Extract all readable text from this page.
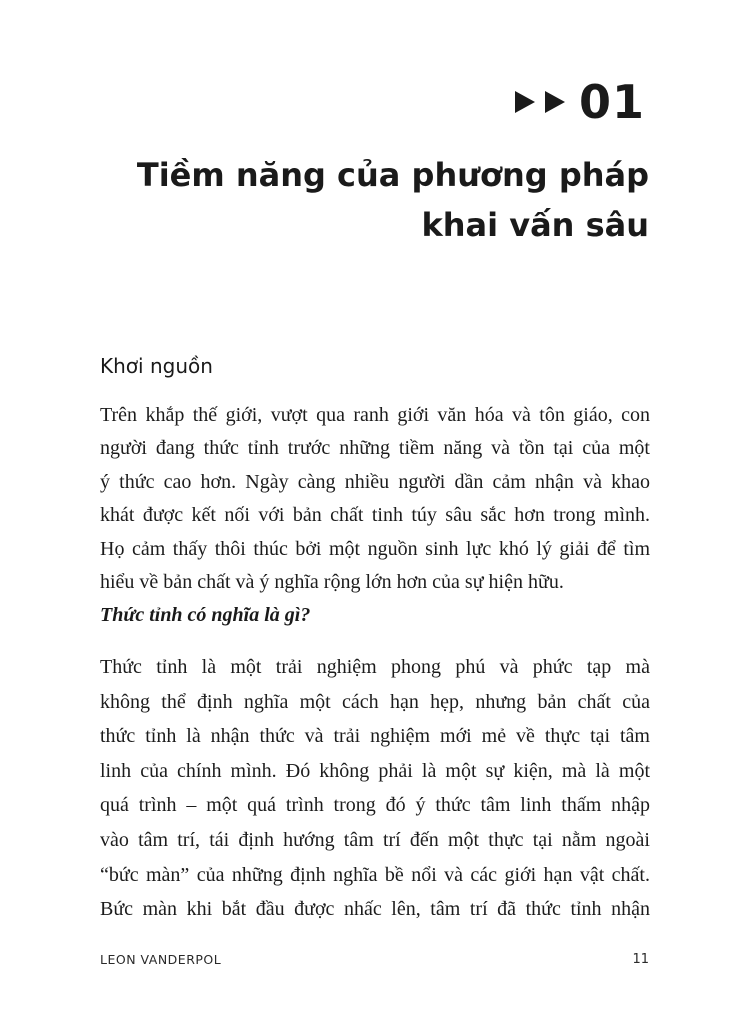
01
Tiềm năng của phương pháp
khai vấn sâu
Khơi nguồn
Trên khắp thế giới, vượt qua ranh giới văn hóa và tôn giáo, con
người đang thức tỉnh trước những tiềm năng và tồn tại của một
ý thức cao hơn. Ngày càng nhiều người dần cảm nhận và khao
khát được kết nối với bản chất tinh túy sâu sắc hơn trong mình.
Họ cảm thấy thôi thúc bởi một nguồn sinh lực khó lý giải để tìm
hiểu về bản chất và ý nghĩa rộng lớn hơn của sự hiện hữu.
Thức tỉnh có nghĩa là gì?
Thức tỉnh là một trải nghiệm phong phú và phức tạp mà
không thể định nghĩa một cách hạn hẹp, nhưng bản chất của
thức tỉnh là nhận thức và trải nghiệm mới mẻ về thực tại tâm
linh của chính mình. Đó không phải là một sự kiện, mà là một
quá trình – một quá trình trong đó ý thức tâm linh thấm nhập
vào tâm trí, tái định hướng tâm trí đến một thực tại nằm ngoài
“bức màn” của những định nghĩa bề nổi và các giới hạn vật chất.
Bức màn khi bắt đầu được nhấc lên, tâm trí đã thức tỉnh nhận
LEON VANDERPOL	11
